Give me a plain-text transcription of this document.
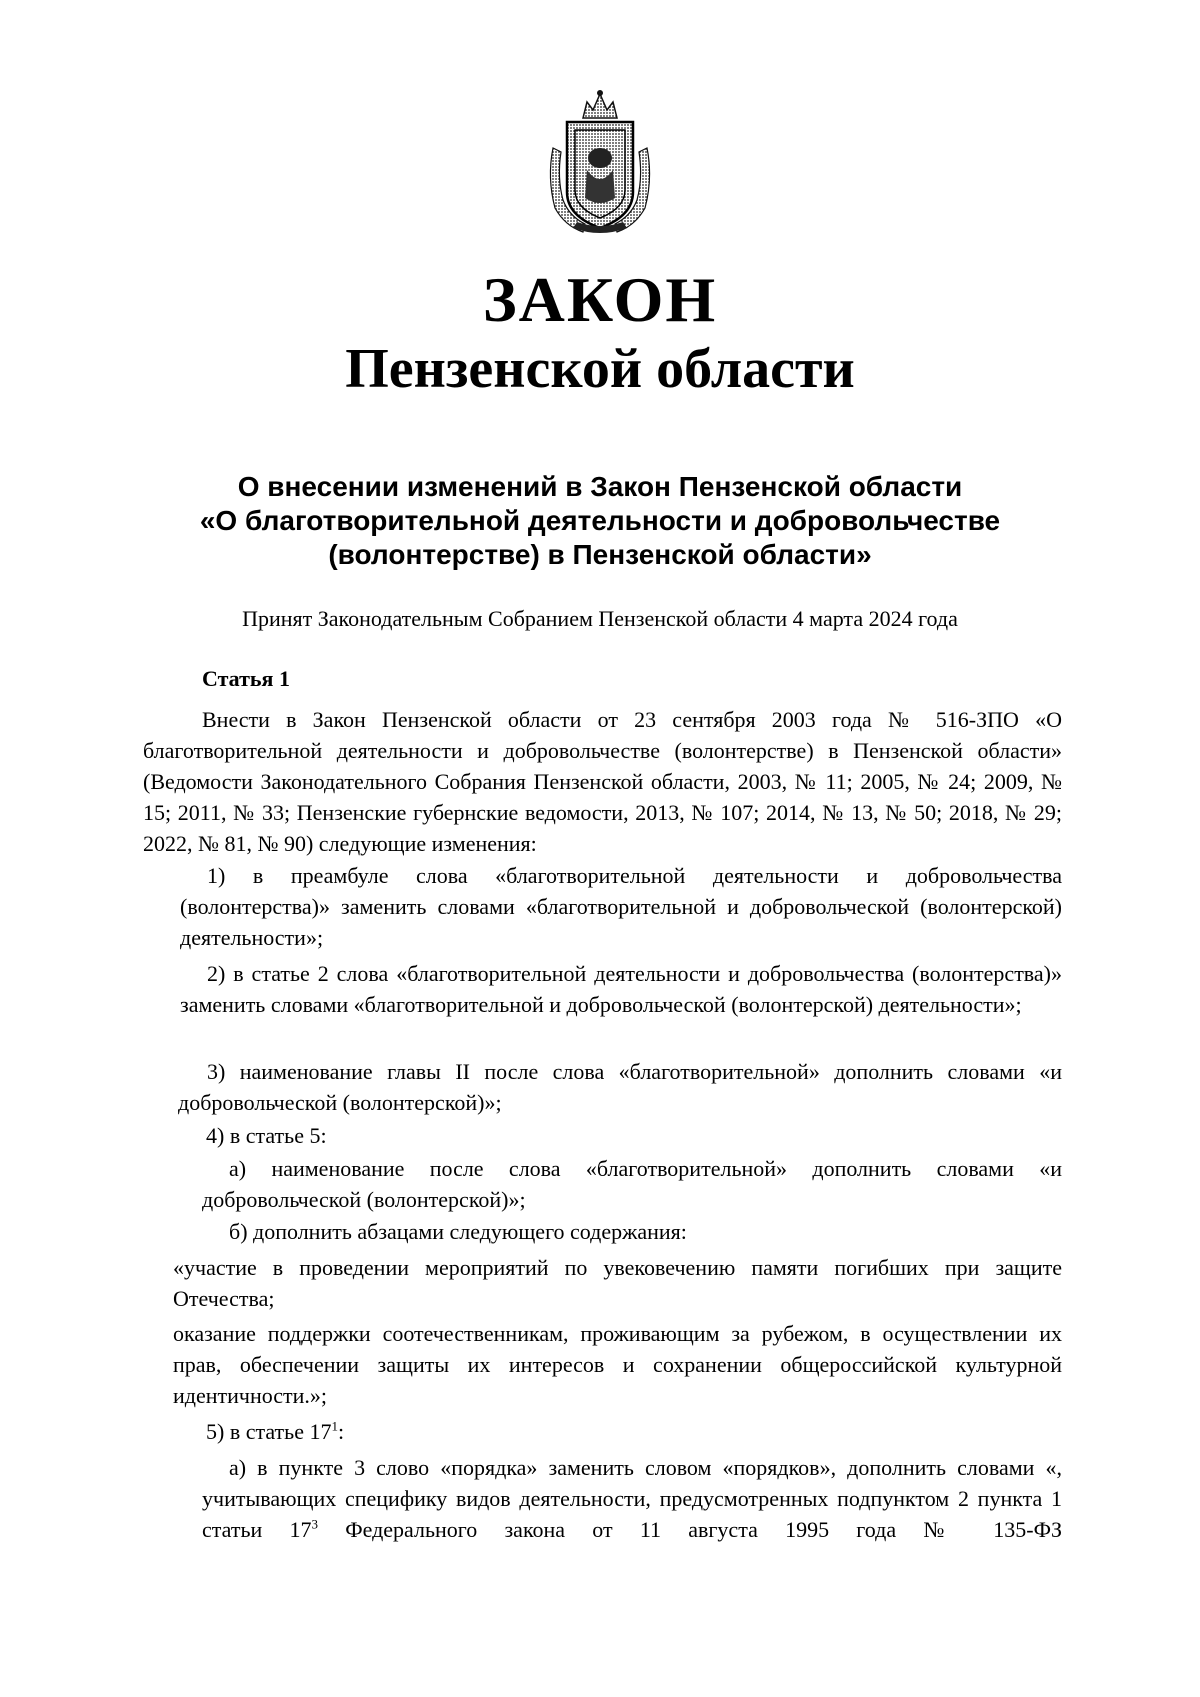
ЗАКОН
Пензенской области
О внесении изменений в Закон Пензенской области
«О благотворительной деятельности и добровольчестве
(волонтерстве) в Пензенской области»
Принят Законодательным Собранием Пензенской области 4 марта 2024 года
Статья 1
Внести в Закон Пензенской области от 23 сентября 2003 года № 516-ЗПО «О благотворительной деятельности и добровольчестве (волонтерстве) в Пензенской области» (Ведомости Законодательного Собрания Пензенской области, 2003, № 11; 2005, № 24; 2009, № 15; 2011, № 33; Пензенские губернские ведомости, 2013, № 107; 2014, № 13, № 50; 2018, № 29; 2022, № 81, № 90) следующие изменения:
1) в преамбуле слова «благотворительной деятельности и добровольчества (волонтерства)» заменить словами «благотворительной и добровольческой (волонтерской) деятельности»;
2) в статье 2 слова «благотворительной деятельности и добровольчества (волонтерства)» заменить словами «благотворительной и добровольческой (волонтерской) деятельности»;
3) наименование главы II после слова «благотворительной» дополнить словами «и добровольческой (волонтерской)»;
4) в статье 5:
а) наименование после слова «благотворительной» дополнить словами «и добровольческой (волонтерской)»;
б) дополнить абзацами следующего содержания:
«участие в проведении мероприятий по увековечению памяти погибших при защите Отечества;
оказание поддержки соотечественникам, проживающим за рубежом, в осуществлении их прав, обеспечении защиты их интересов и сохранении общероссийской культурной идентичности.»;
5) в статье $17^1$:
а) в пункте 3 слово «порядка» заменить словом «порядков», дополнить словами «, учитывающих специфику видов деятельности, предусмотренных подпунктом 2 пункта 1 статьи $17^3$ Федерального закона от 11 августа 1995 года № 135-ФЗ
